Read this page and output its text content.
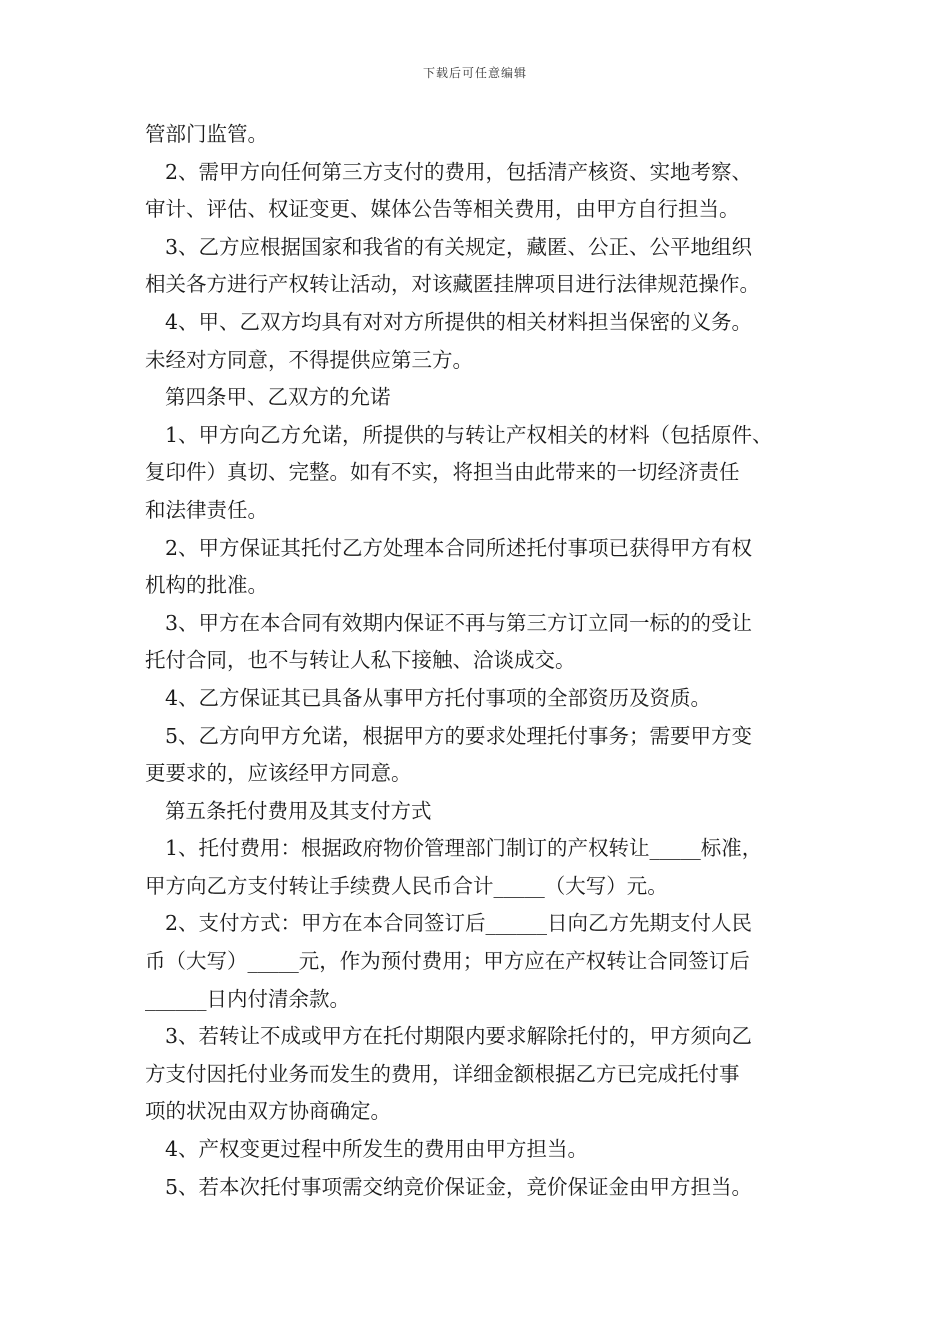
下载后可任意编辑
管部门监管。
2、需甲方向任何第三方支付的费用，包括清产核资、实地考察、
审计、评估、权证变更、媒体公告等相关费用，由甲方自行担当。
3、乙方应根据国家和我省的有关规定，藏匿、公正、公平地组织
相关各方进行产权转让活动，对该藏匿挂牌项目进行法律规范操作。
4、甲、乙双方均具有对对方所提供的相关材料担当保密的义务。
未经对方同意，不得提供应第三方。
第四条甲、乙双方的允诺
1、甲方向乙方允诺，所提供的与转让产权相关的材料（包括原件、
复印件）真切、完整。如有不实，将担当由此带来的一切经济责任
和法律责任。
2、甲方保证其托付乙方处理本合同所述托付事项已获得甲方有权
机构的批准。
3、甲方在本合同有效期内保证不再与第三方订立同一标的的受让
托付合同，也不与转让人私下接触、洽谈成交。
4、乙方保证其已具备从事甲方托付事项的全部资历及资质。
5、乙方向甲方允诺，根据甲方的要求处理托付事务；需要甲方变
更要求的，应该经甲方同意。
第五条托付费用及其支付方式
1、托付费用：根据政府物价管理部门制订的产权转让_____标准，
甲方向乙方支付转让手续费人民币合计_____（大写）元。
2、支付方式：甲方在本合同签订后______日向乙方先期支付人民
币（大写）_____元，作为预付费用；甲方应在产权转让合同签订后
______日内付清余款。
3、若转让不成或甲方在托付期限内要求解除托付的，甲方须向乙
方支付因托付业务而发生的费用，详细金额根据乙方已完成托付事
项的状况由双方协商确定。
4、产权变更过程中所发生的费用由甲方担当。
5、若本次托付事项需交纳竞价保证金，竞价保证金由甲方担当。
